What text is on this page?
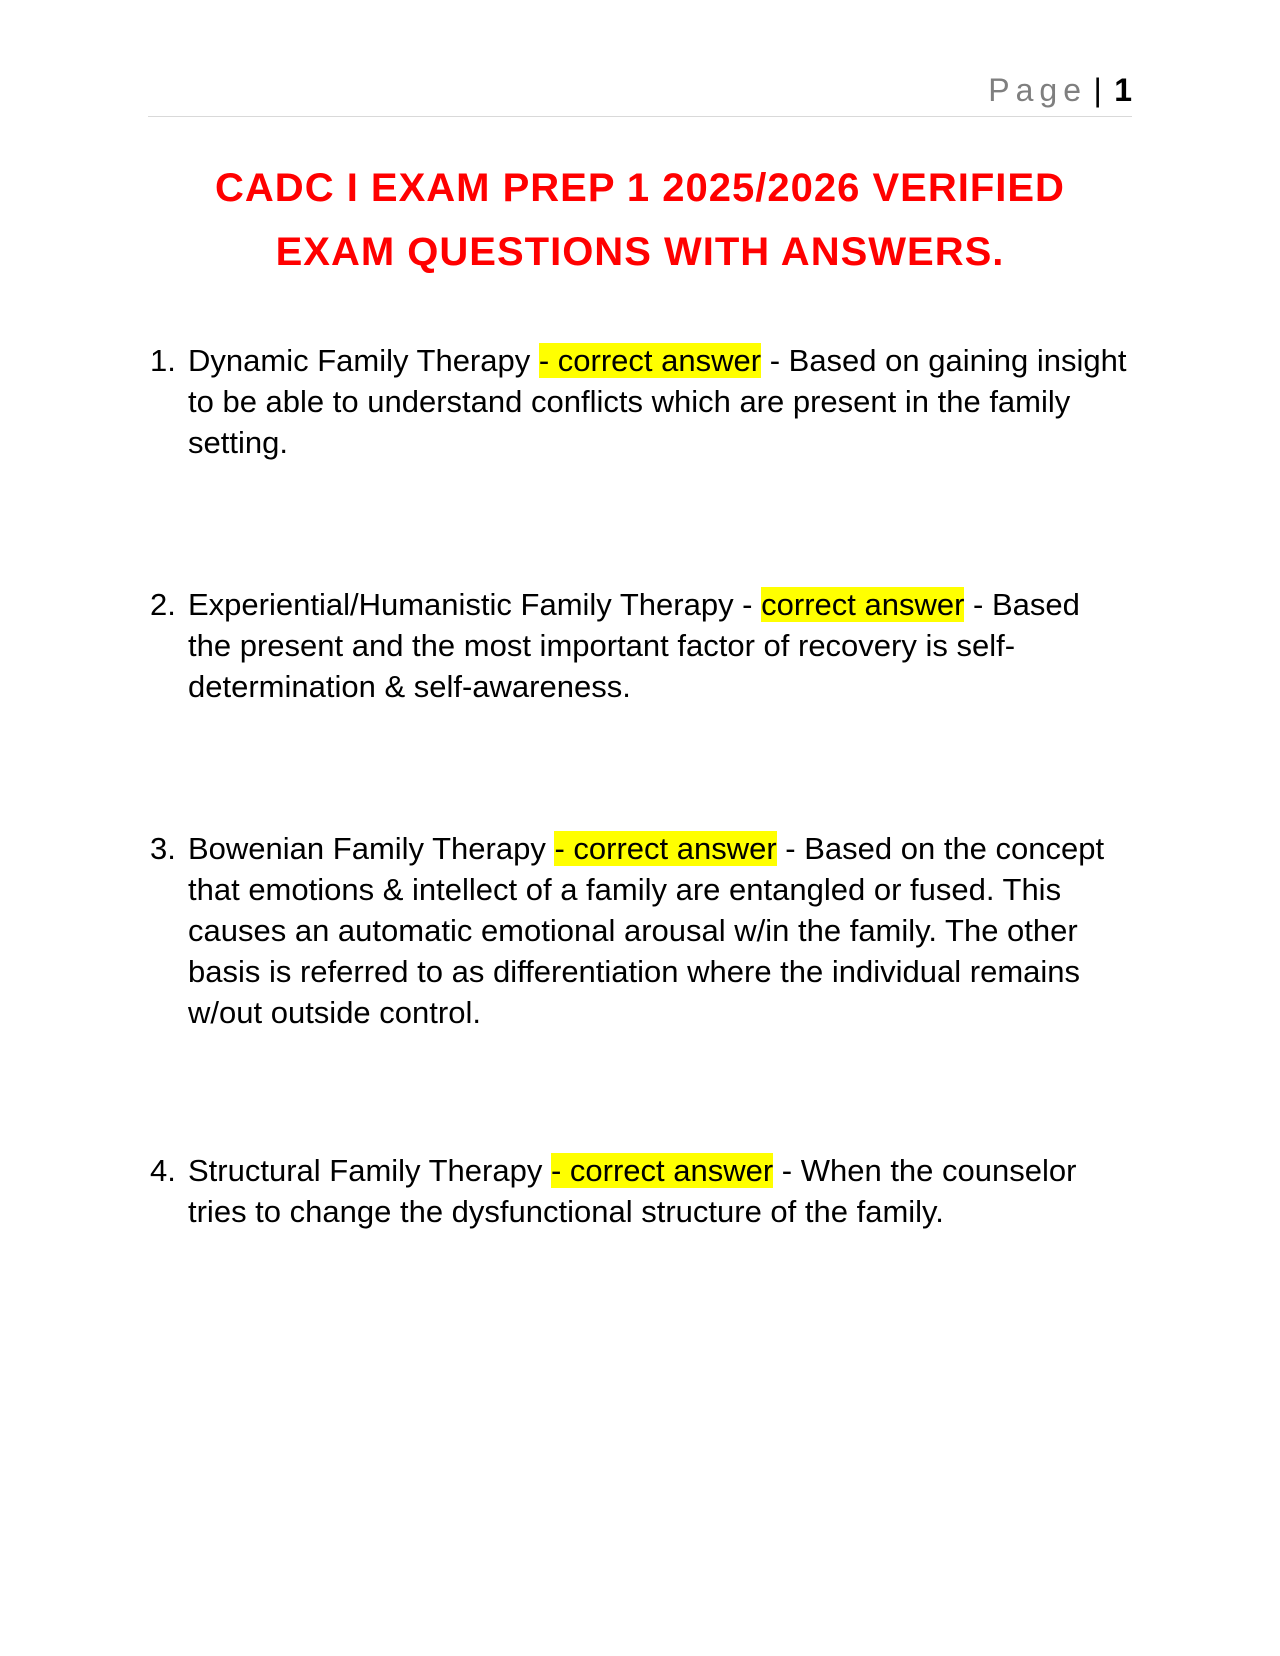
Page | 1
CADC I EXAM PREP 1 2025/2026 VERIFIED
EXAM QUESTIONS WITH ANSWERS.
1. Dynamic Family Therapy - correct answer - Based on gaining insight to be able to understand conflicts which are present in the family setting.
2. Experiential/Humanistic Family Therapy - correct answer - Based the present and the most important factor of recovery is self- determination & self-awareness.
3. Bowenian Family Therapy - correct answer - Based on the concept that emotions & intellect of a family are entangled or fused. This causes an automatic emotional arousal w/in the family. The other basis is referred to as differentiation where the individual remains w/out outside control.
4. Structural Family Therapy - correct answer - When the counselor tries to change the dysfunctional structure of the family.
